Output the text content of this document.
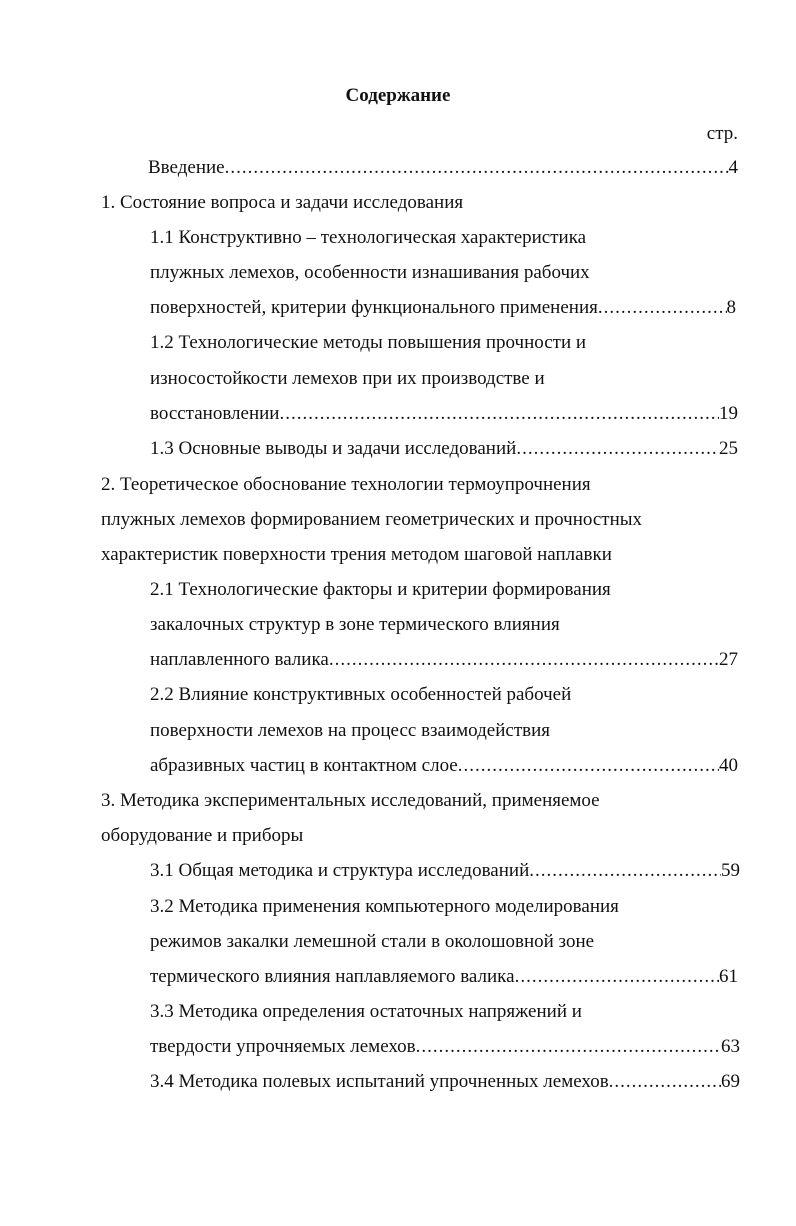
Содержание
стр.
Введение .....	4
1. Состояние вопроса и задачи исследования
1.1 Конструктивно – технологическая характеристика
плужных лемехов, особенности изнашивания рабочих
поверхностей, критерии функционального применения .....	8
1.2 Технологические методы повышения прочности и
износостойкости лемехов при их производстве и
восстановлении .....	19
1.3 Основные выводы и задачи исследований .....	25
2. Теоретическое обоснование технологии термоупрочнения
плужных лемехов формированием геометрических и прочностных
характеристик поверхности трения методом шаговой наплавки
2.1 Технологические факторы и критерии формирования
закалочных структур в зоне термического влияния
наплавленного валика .....	27
2.2 Влияние конструктивных особенностей рабочей
поверхности лемехов на процесс взаимодействия
абразивных частиц в контактном слое .....	40
3. Методика экспериментальных исследований, применяемое
оборудование и приборы
3.1 Общая методика и структура исследований .....	59
3.2 Методика применения компьютерного моделирования
режимов закалки лемешной стали в околошовной зоне
термического влияния наплавляемого валика .....	61
3.3 Методика определения остаточных напряжений и
твердости упрочняемых лемехов .....	63
3.4 Методика полевых испытаний упрочненных лемехов .....	69
